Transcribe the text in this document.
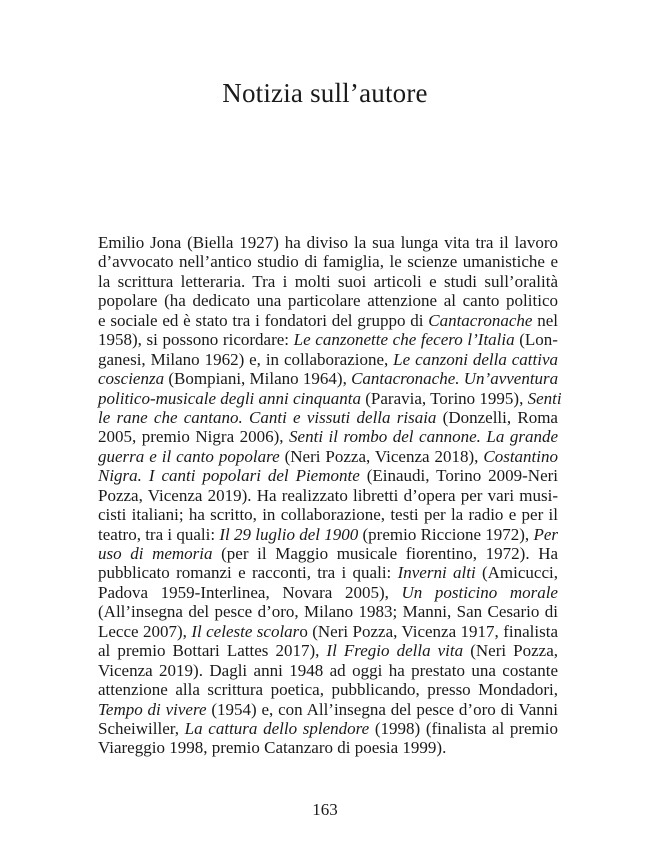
Notizia sull’autore
Emilio Jona (Biella 1927) ha diviso la sua lunga vita tra il lavoro
d’avvocato nell’antico studio di famiglia, le scienze umanistiche e
la scrittura letteraria. Tra i molti suoi articoli e studi sull’oralità
popolare (ha dedicato una particolare attenzione al canto politico
e sociale ed è stato tra i fondatori del gruppo di Cantacronache nel
1958), si possono ricordare: Le canzonette che fecero l’Italia (Lon-
ganesi, Milano 1962) e, in collaborazione, Le canzoni della cattiva
coscienza (Bompiani, Milano 1964), Cantacronache. Un’avventura
politico-musicale degli anni cinquanta (Paravia, Torino 1995), Senti
le rane che cantano. Canti e vissuti della risaia (Donzelli, Roma
2005, premio Nigra 2006), Senti il rombo del cannone. La grande
guerra e il canto popolare (Neri Pozza, Vicenza 2018), Costantino
Nigra. I canti popolari del Piemonte (Einaudi, Torino 2009-Neri
Pozza, Vicenza 2019). Ha realizzato libretti d’opera per vari musi-
cisti italiani; ha scritto, in collaborazione, testi per la radio e per il
teatro, tra i quali: Il 29 luglio del 1900 (premio Riccione 1972), Per
uso di memoria (per il Maggio musicale fiorentino, 1972). Ha
pubblicato romanzi e racconti, tra i quali: Inverni alti (Amicucci,
Padova 1959-Interlinea, Novara 2005), Un posticino morale
(All’insegna del pesce d’oro, Milano 1983; Manni, San Cesario di
Lecce 2007), Il celeste scolaro (Neri Pozza, Vicenza 1917, finalista
al premio Bottari Lattes 2017), Il Fregio della vita (Neri Pozza,
Vicenza 2019). Dagli anni 1948 ad oggi ha prestato una costante
attenzione alla scrittura poetica, pubblicando, presso Mondadori,
Tempo di vivere (1954) e, con All’insegna del pesce d’oro di Vanni
Scheiwiller, La cattura dello splendore (1998) (finalista al premio
Viareggio 1998, premio Catanzaro di poesia 1999).
163
